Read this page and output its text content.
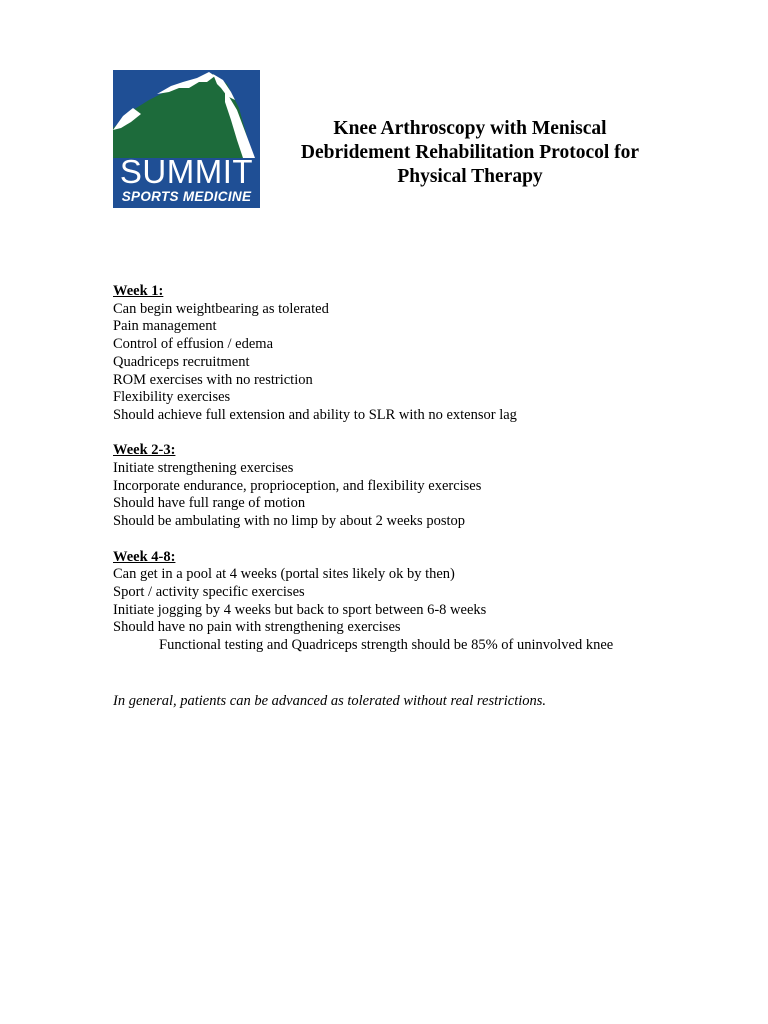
SUMMIT
SPORTS MEDICINE
Knee Arthroscopy with Meniscal
Debridement Rehabilitation Protocol for
Physical Therapy
Week 1:
Can begin weightbearing as tolerated
Pain management
Control of effusion / edema
Quadriceps recruitment
ROM exercises with no restriction
Flexibility exercises
Should achieve full extension and ability to SLR with no extensor lag
Week 2-3:
Initiate strengthening exercises
Incorporate endurance, proprioception, and flexibility exercises
Should have full range of motion
Should be ambulating with no limp by about 2 weeks postop
Week 4-8:
Can get in a pool at 4 weeks (portal sites likely ok by then)
Sport / activity specific exercises
Initiate jogging by 4 weeks but back to sport between 6-8 weeks
Should have no pain with strengthening exercises
Functional testing and Quadriceps strength should be 85% of uninvolved knee
In general, patients can be advanced as tolerated without real restrictions.
